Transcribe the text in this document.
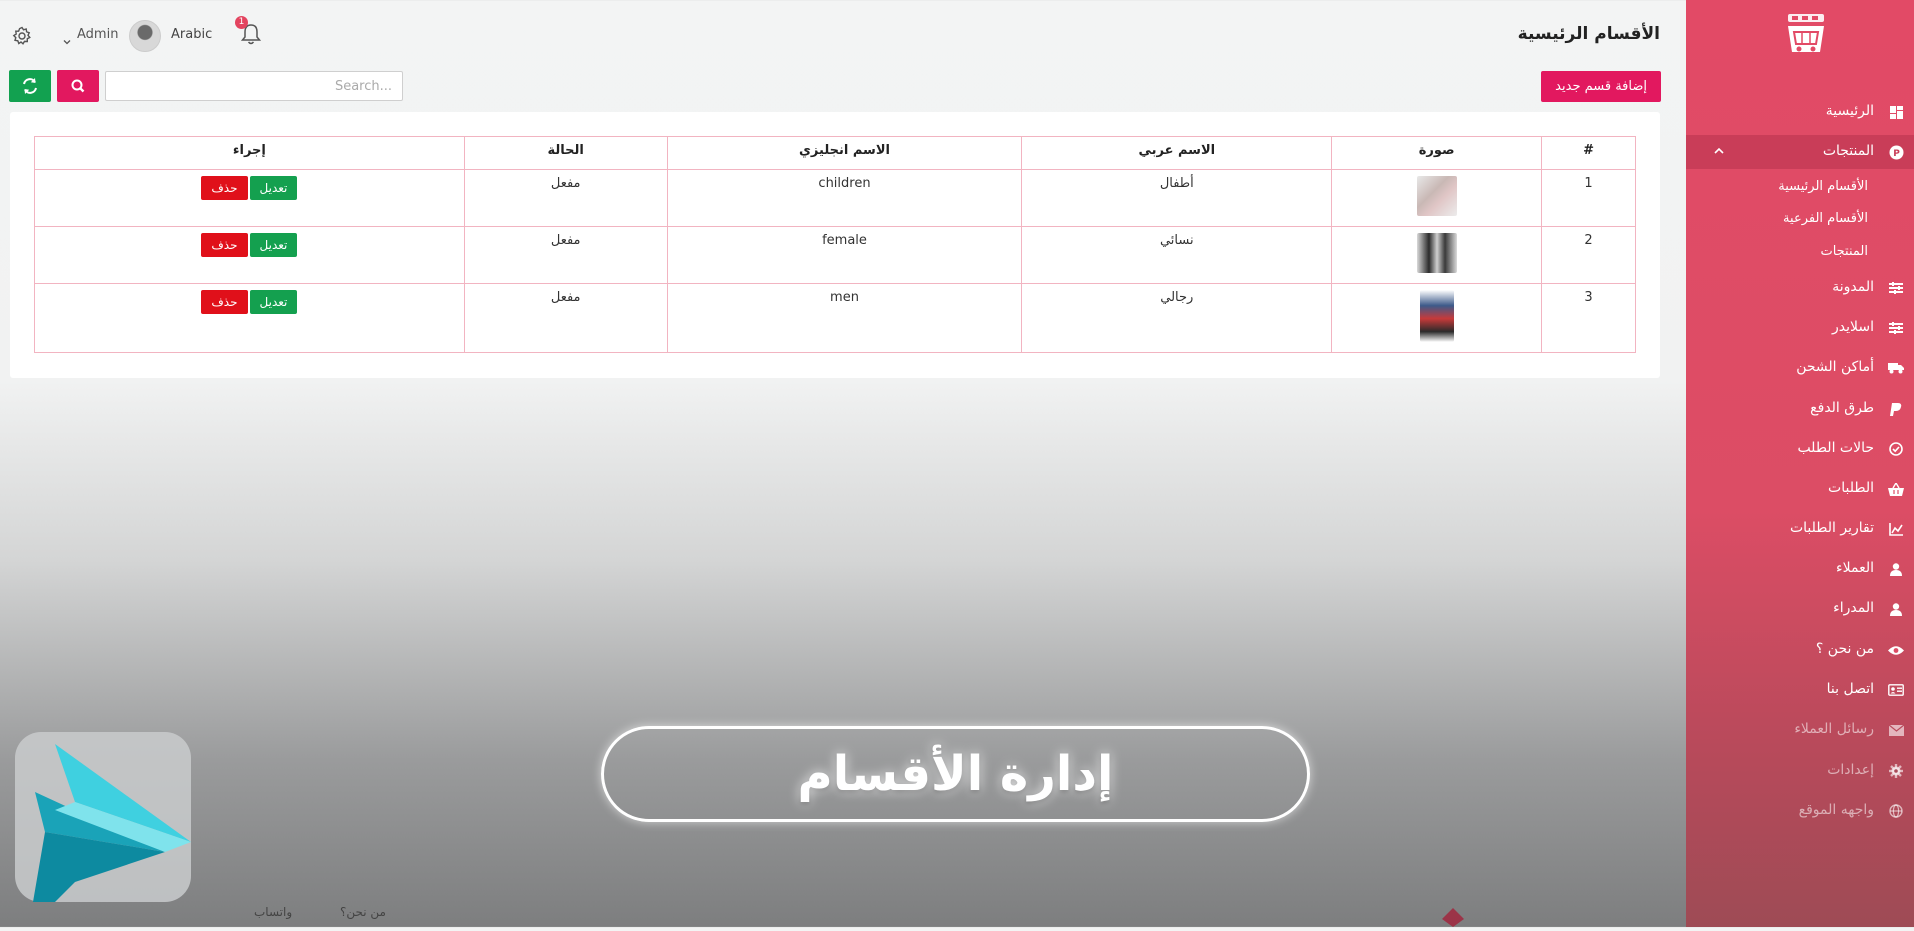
الرئيسية
P
المنتجات
الأقسام الرئيسية
الأقسام الفرعية
المنتجات
المدونة
اسلايدر
أماكن الشحن
طرق الدفع
حالات الطلب
الطلبات
تقارير الطلبات
العملاء
المدراء
من نحن ؟
اتصل بنا
رسائل العملاء
إعدادات
واجهه الموقع
الأقسام الرئيسية
Admin	Arabic
1
إضافة قسم جديد
Search...
#	صورة	الاسم عربي	الاسم انجليزي	الحالة	إجراء
1		أطفال	children	مفعل	تعديلحذف
2		نسائي	female	مفعل	تعديلحذف
3		رجالي	men	مفعل	تعديلحذف
إدارة الأقسام
من نحن؟
واتساب
